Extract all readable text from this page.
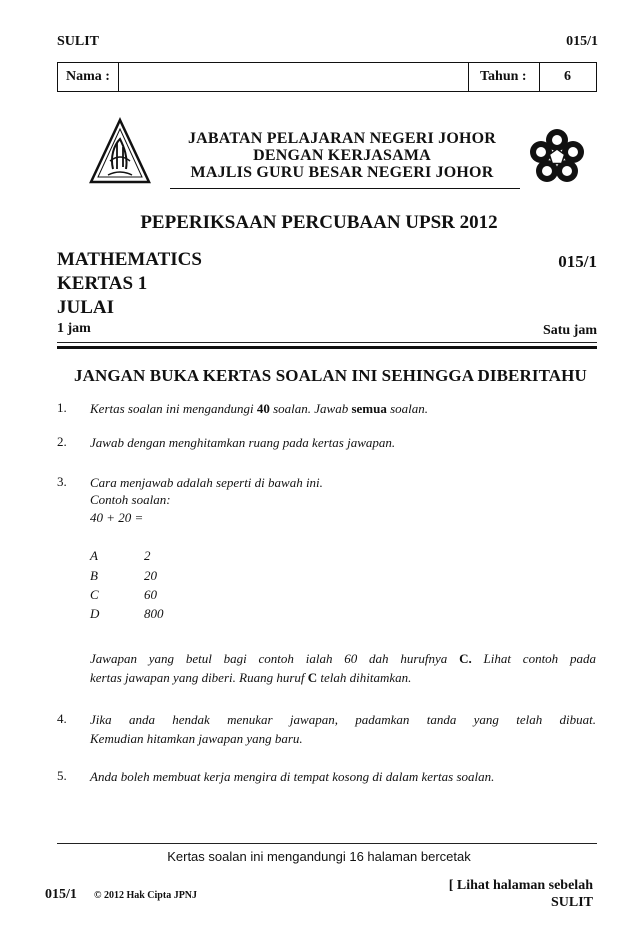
SULIT	015/1
Nama :	Tahun :	6
JABATAN PELAJARAN NEGERI JOHOR
DENGAN KERJASAMA
MAJLIS GURU BESAR NEGERI JOHOR
PEPERIKSAAN PERCUBAAN UPSR 2012
MATHEMATICS	015/1
KERTAS 1
JULAI
1 jam	Satu jam
JANGAN BUKA KERTAS SOALAN INI SEHINGGA DIBERITAHU
1. Kertas soalan ini mengandungi 40 soalan. Jawab semua soalan.
2. Jawab dengan menghitamkan ruang pada kertas jawapan.
3. Cara menjawab adalah seperti di bawah ini.
Contoh soalan:
40 + 20 =
A	2
B	20
C	60
D	800
Jawapan yang betul bagi contoh ialah 60 dah hurufnya C. Lihat contoh pada
kertas jawapan yang diberi. Ruang huruf C telah dihitamkan.
4. Jika anda hendak menukar jawapan, padamkan tanda yang telah dibuat.
Kemudian hitamkan jawapan yang baru.
5. Anda boleh membuat kerja mengira di tempat kosong di dalam kertas soalan.
Kertas soalan ini mengandungi 16 halaman bercetak
015/1 © 2012 Hak Cipta JPNJ
[ Lihat halaman sebelah
SULIT
